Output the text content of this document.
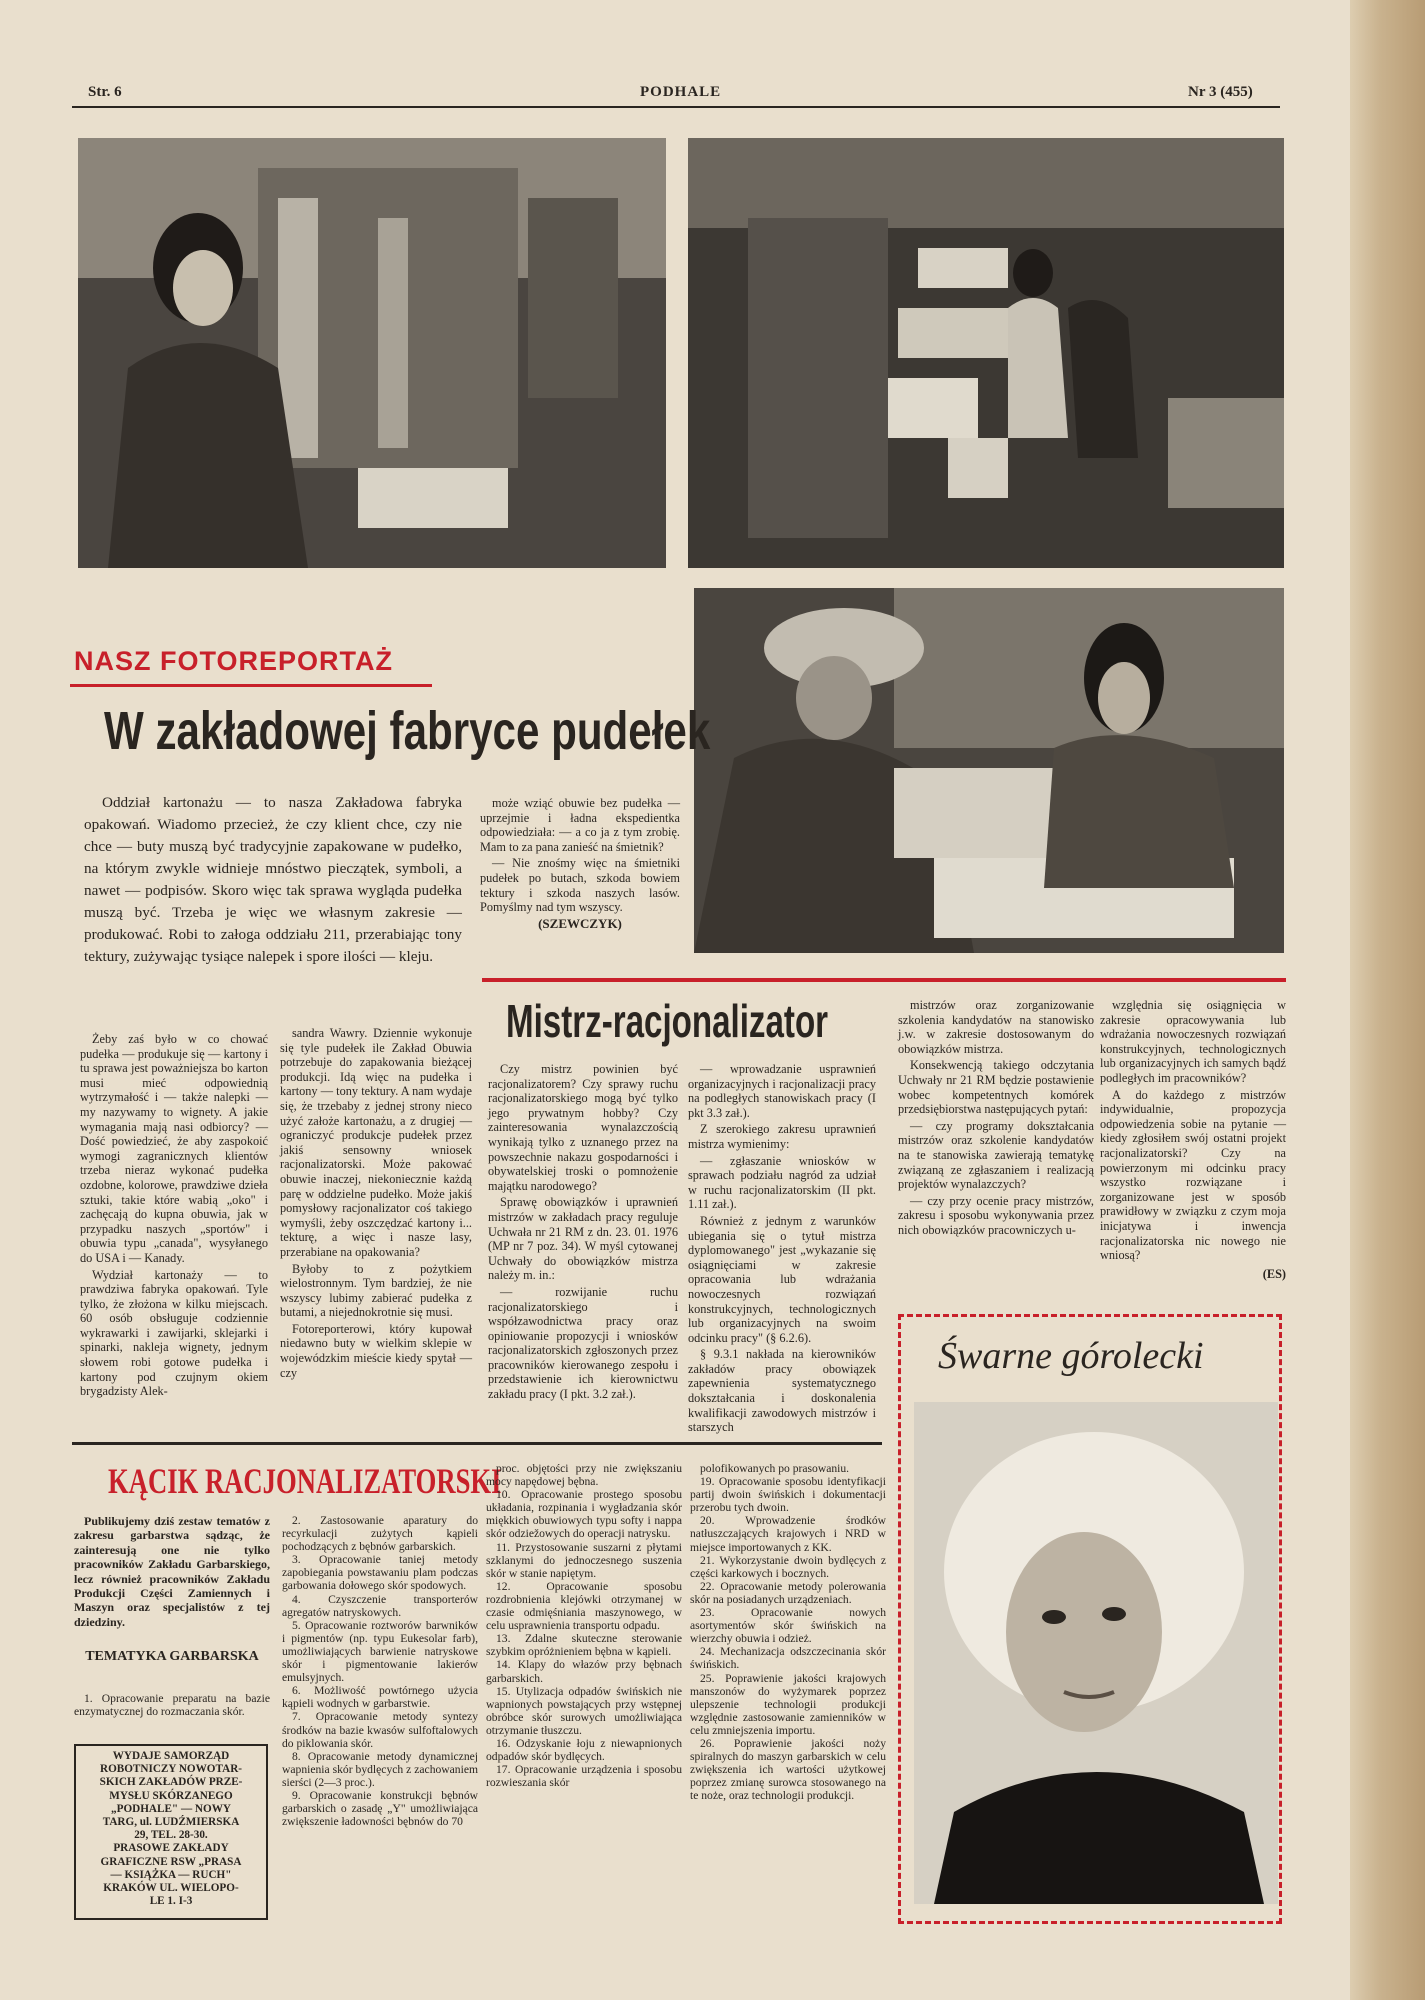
Str. 6	PODHALE	Nr 3 (455)
NASZ FOTOREPORTAŻ
W zakładowej fabryce pudełek

Oddział kartonażu — to nasza Zakładowa fabryka opakowań. Wiadomo przecież, że czy klient chce, czy nie chce — buty muszą być tradycyjnie zapakowane w pudełko, na którym zwykle widnieje mnóstwo pieczątek, symboli, a nawet — podpisów. Skoro więc tak sprawa wygląda pudełka muszą być. Trzeba je więc we własnym zakresie — produkować. Robi to załoga oddziału 211, przerabiając tony tektury, zużywając tysiące nalepek i spore ilości — kleju.

może wziąć obuwie bez pudełka — uprzejmie i ładna ekspedientka odpowiedziała: — a co ja z tym zrobię. Mam to za pana zanieść na śmietnik?

— Nie znośmy więc na śmietniki pudełek po butach, szkoda bowiem tektury i szkoda naszych lasów. Pomyślmy nad tym wszyscy.

(SZEWCZYK)

Żeby zaś było w co chować pudełka — produkuje się — kartony i tu sprawa jest poważniejsza bo karton musi mieć odpowiednią wytrzymałość i — także nalepki — my nazywamy to wignety. A jakie wymagania mają nasi odbiorcy? — Dość powiedzieć, że aby zaspokoić wymogi zagranicznych klientów trzeba nieraz wykonać pudełka ozdobne, kolorowe, prawdziwe dzieła sztuki, takie które wabią „oko" i zachęcają do kupna obuwia, jak w przypadku naszych „sportów" i obuwia typu „canada", wysyłanego do USA i — Kanady.

Wydział kartonaży — to prawdziwa fabryka opakowań. Tyle tylko, że złożona w kilku miejscach. 60 osób obsługuje codziennie wykrawarki i zawijarki, sklejarki i spinarki, nakleja wignety, jednym słowem robi gotowe pudełka i kartony pod czujnym okiem brygadzisty Alek-

sandra Wawry. Dziennie wykonuje się tyle pudełek ile Zakład Obuwia potrzebuje do zapakowania bieżącej produkcji. Idą więc na pudełka i kartony — tony tektury. A nam wydaje się, że trzebaby z jednej strony nieco użyć założe kartonażu, a z drugiej — ograniczyć produkcje pudełek przez jakiś sensowny wniosek racjonalizatorski. Może pakować obuwie inaczej, niekoniecznie każdą parę w oddzielne pudełko. Może jakiś pomysłowy racjonalizator coś takiego wymyśli, żeby oszczędzać kartony i... tekturę, a więc i nasze lasy, przerabiane na opakowania?

Byłoby to z pożytkiem wielostronnym. Tym bardziej, że nie wszyscy lubimy zabierać pudełka z butami, a niejednokrotnie się musi.

Fotoreporterowi, który kupował niedawno buty w wielkim sklepie w wojewódzkim mieście kiedy spytał — czy

Mistrz-racjonalizator

Czy mistrz powinien być racjonalizatorem? Czy sprawy ruchu racjonalizatorskiego mogą być tylko jego prywatnym hobby? Czy zainteresowania wynalazczością wynikają tylko z uznanego przez na powszechnie nakazu gospodarności i obywatelskiej troski o pomnożenie majątku narodowego?

Sprawę obowiązków i uprawnień mistrzów w zakładach pracy reguluje Uchwała nr 21 RM z dn. 23. 01. 1976 (MP nr 7 poz. 34). W myśl cytowanej Uchwały do obowiązków mistrza należy m. in.:

— rozwijanie ruchu racjonalizatorskiego i współzawodnictwa pracy oraz opiniowanie propozycji i wniosków racjonalizatorskich zgłoszonych przez pracowników kierowanego zespołu i przedstawienie ich kierownictwu zakładu pracy (I pkt. 3.2 zał.).

— wprowadzanie usprawnień organizacyjnych i racjonalizacji pracy na podległych stanowiskach pracy (I pkt 3.3 zał.).

Z szerokiego zakresu uprawnień mistrza wymienimy:

— zgłaszanie wniosków w sprawach podziału nagród za udział w ruchu racjonalizatorskim (II pkt. 1.11 zał.).

Również z jednym z warunków ubiegania się o tytuł mistrza dyplomowanego" jest „wykazanie się osiągnięciami w zakresie opracowania lub wdrażania nowoczesnych rozwiązań konstrukcyjnych, technologicznych lub organizacyjnych na swoim odcinku pracy" (§ 6.2.6).

§ 9.3.1 nakłada na kierowników zakładów pracy obowiązek zapewnienia systematycznego dokształcania i doskonalenia kwalifikacji zawodowych mistrzów i starszych

mistrzów oraz zorganizowanie szkolenia kandydatów na stanowisko j.w. w zakresie dostosowanym do obowiązków mistrza.

Konsekwencją takiego odczytania Uchwały nr 21 RM będzie postawienie wobec kompetentnych komórek przedsiębiorstwa następujących pytań:

— czy programy dokształcania mistrzów oraz szkolenie kandydatów na te stanowiska zawierają tematykę związaną ze zgłaszaniem i realizacją projektów wynalazczych?

— czy przy ocenie pracy mistrzów, zakresu i sposobu wykonywania przez nich obowiązków pracowniczych u-

względnia się osiągnięcia w zakresie opracowywania lub wdrażania nowoczesnych rozwiązań konstrukcyjnych, technologicznych lub organizacyjnych ich samych bądź podległych im pracowników?

A do każdego z mistrzów indywidualnie, propozycja odpowiedzenia sobie na pytanie — kiedy zgłosiłem swój ostatni projekt racjonalizatorski? Czy na powierzonym mi odcinku pracy wszystko rozwiązane i zorganizowane jest w sposób prawidłowy w związku z czym moja inicjatywa i inwencja racjonalizatorska nic nowego nie wniosą?

(ES)
KĄCIK RACJONALIZATORSKI
Publikujemy dziś zestaw tematów z zakresu garbarstwa sądząc, że zainteresują one nie tylko pracowników Zakładu Garbarskiego, lecz również pracowników Zakładu Produkcji Części Zamiennych i Maszyn oraz specjalistów z tej dziedziny.
TEMATYKA GARBARSKA

1. Opracowanie preparatu na bazie enzymatycznej do rozmaczania skór.

WYDAJE SAMORZĄD
ROBOTNICZY NOWOTAR-
SKICH ZAKŁADÓW PRZE-
MYSŁU SKÓRZANEGO
„PODHALE" — NOWY
TARG, ul. LUDŹMIERSKA
29, TEL. 28-30.
PRASOWE ZAKŁADY
GRAFICZNE RSW „PRASA
— KSIĄŻKA — RUCH"
KRAKÓW UL. WIELOPO-
LE 1. I-3

2. Zastosowanie aparatury do recyrkulacji zużytych kąpieli pochodzących z bębnów garbarskich.

3. Opracowanie taniej metody zapobiegania powstawaniu plam podczas garbowania dołowego skór spodowych.

4. Czyszczenie transporterów agregatów natryskowych.

5. Opracowanie roztworów barwników i pigmentów (np. typu Eukesolar farb), umożliwiających barwienie natryskowe skór i pigmentowanie lakierów emulsyjnych.

6. Możliwość powtórnego użycia kąpieli wodnych w garbarstwie.

7. Opracowanie metody syntezy środków na bazie kwasów sulfoftalowych do piklowania skór.

8. Opracowanie metody dynamicznej wapnienia skór bydlęcych z zachowaniem sierści (2—3 proc.).

9. Opracowanie konstrukcji bębnów garbarskich o zasadę „Y" umożliwiająca zwiększenie ładowności bębnów do 70

proc. objętości przy nie zwiększaniu mocy napędowej bębna.

10. Opracowanie prostego sposobu układania, rozpinania i wygładzania skór miękkich obuwiowych typu softy i nappa skór odziežowych do operacji natrysku.

11. Przystosowanie suszarni z płytami szklanymi do jednoczesnego suszenia skór w stanie napiętym.

12. Opracowanie sposobu rozdrobnienia klejówki otrzymanej w czasie odmięśniania maszynowego, w celu usprawnienia transportu odpadu.

13. Zdalne skuteczne sterowanie szybkim opróżnieniem bębna w kąpieli.

14. Klapy do włazów przy bębnach garbarskich.

15. Utylizacja odpadów świńskich nie wapnionych powstających przy wstępnej obróbce skór surowych umożliwiająca otrzymanie tłuszczu.

16. Odzyskanie łoju z niewapnionych odpadów skór bydlęcych.

17. Opracowanie urządzenia i sposobu rozwieszania skór

polofikowanych po prasowaniu.

19. Opracowanie sposobu identyfikacji partij dwoin świńskich i dokumentacji przerobu tych dwoin.

20. Wprowadzenie środków natłuszczających krajowych i NRD w miejsce importowanych z KK.

21. Wykorzystanie dwoin bydlęcych z części karkowych i bocznych.

22. Opracowanie metody polerowania skór na posiadanych urządzeniach.

23. Opracowanie nowych asortymentów skór świńskich na wierzchy obuwia i odzież.

24. Mechanizacja odszczecinania skór świńskich.

25. Poprawienie jakości krajowych manszonów do wyżymarek poprzez ulepszenie technologii produkcji względnie zastosowanie zamienników w celu zmniejszenia importu.

26. Poprawienie jakości noży spiralnych do maszyn garbarskich w celu zwiększenia ich wartości użytkowej poprzez zmianę surowca stosowanego na te noże, oraz technologii produkcji.

Śwarne górolecki
